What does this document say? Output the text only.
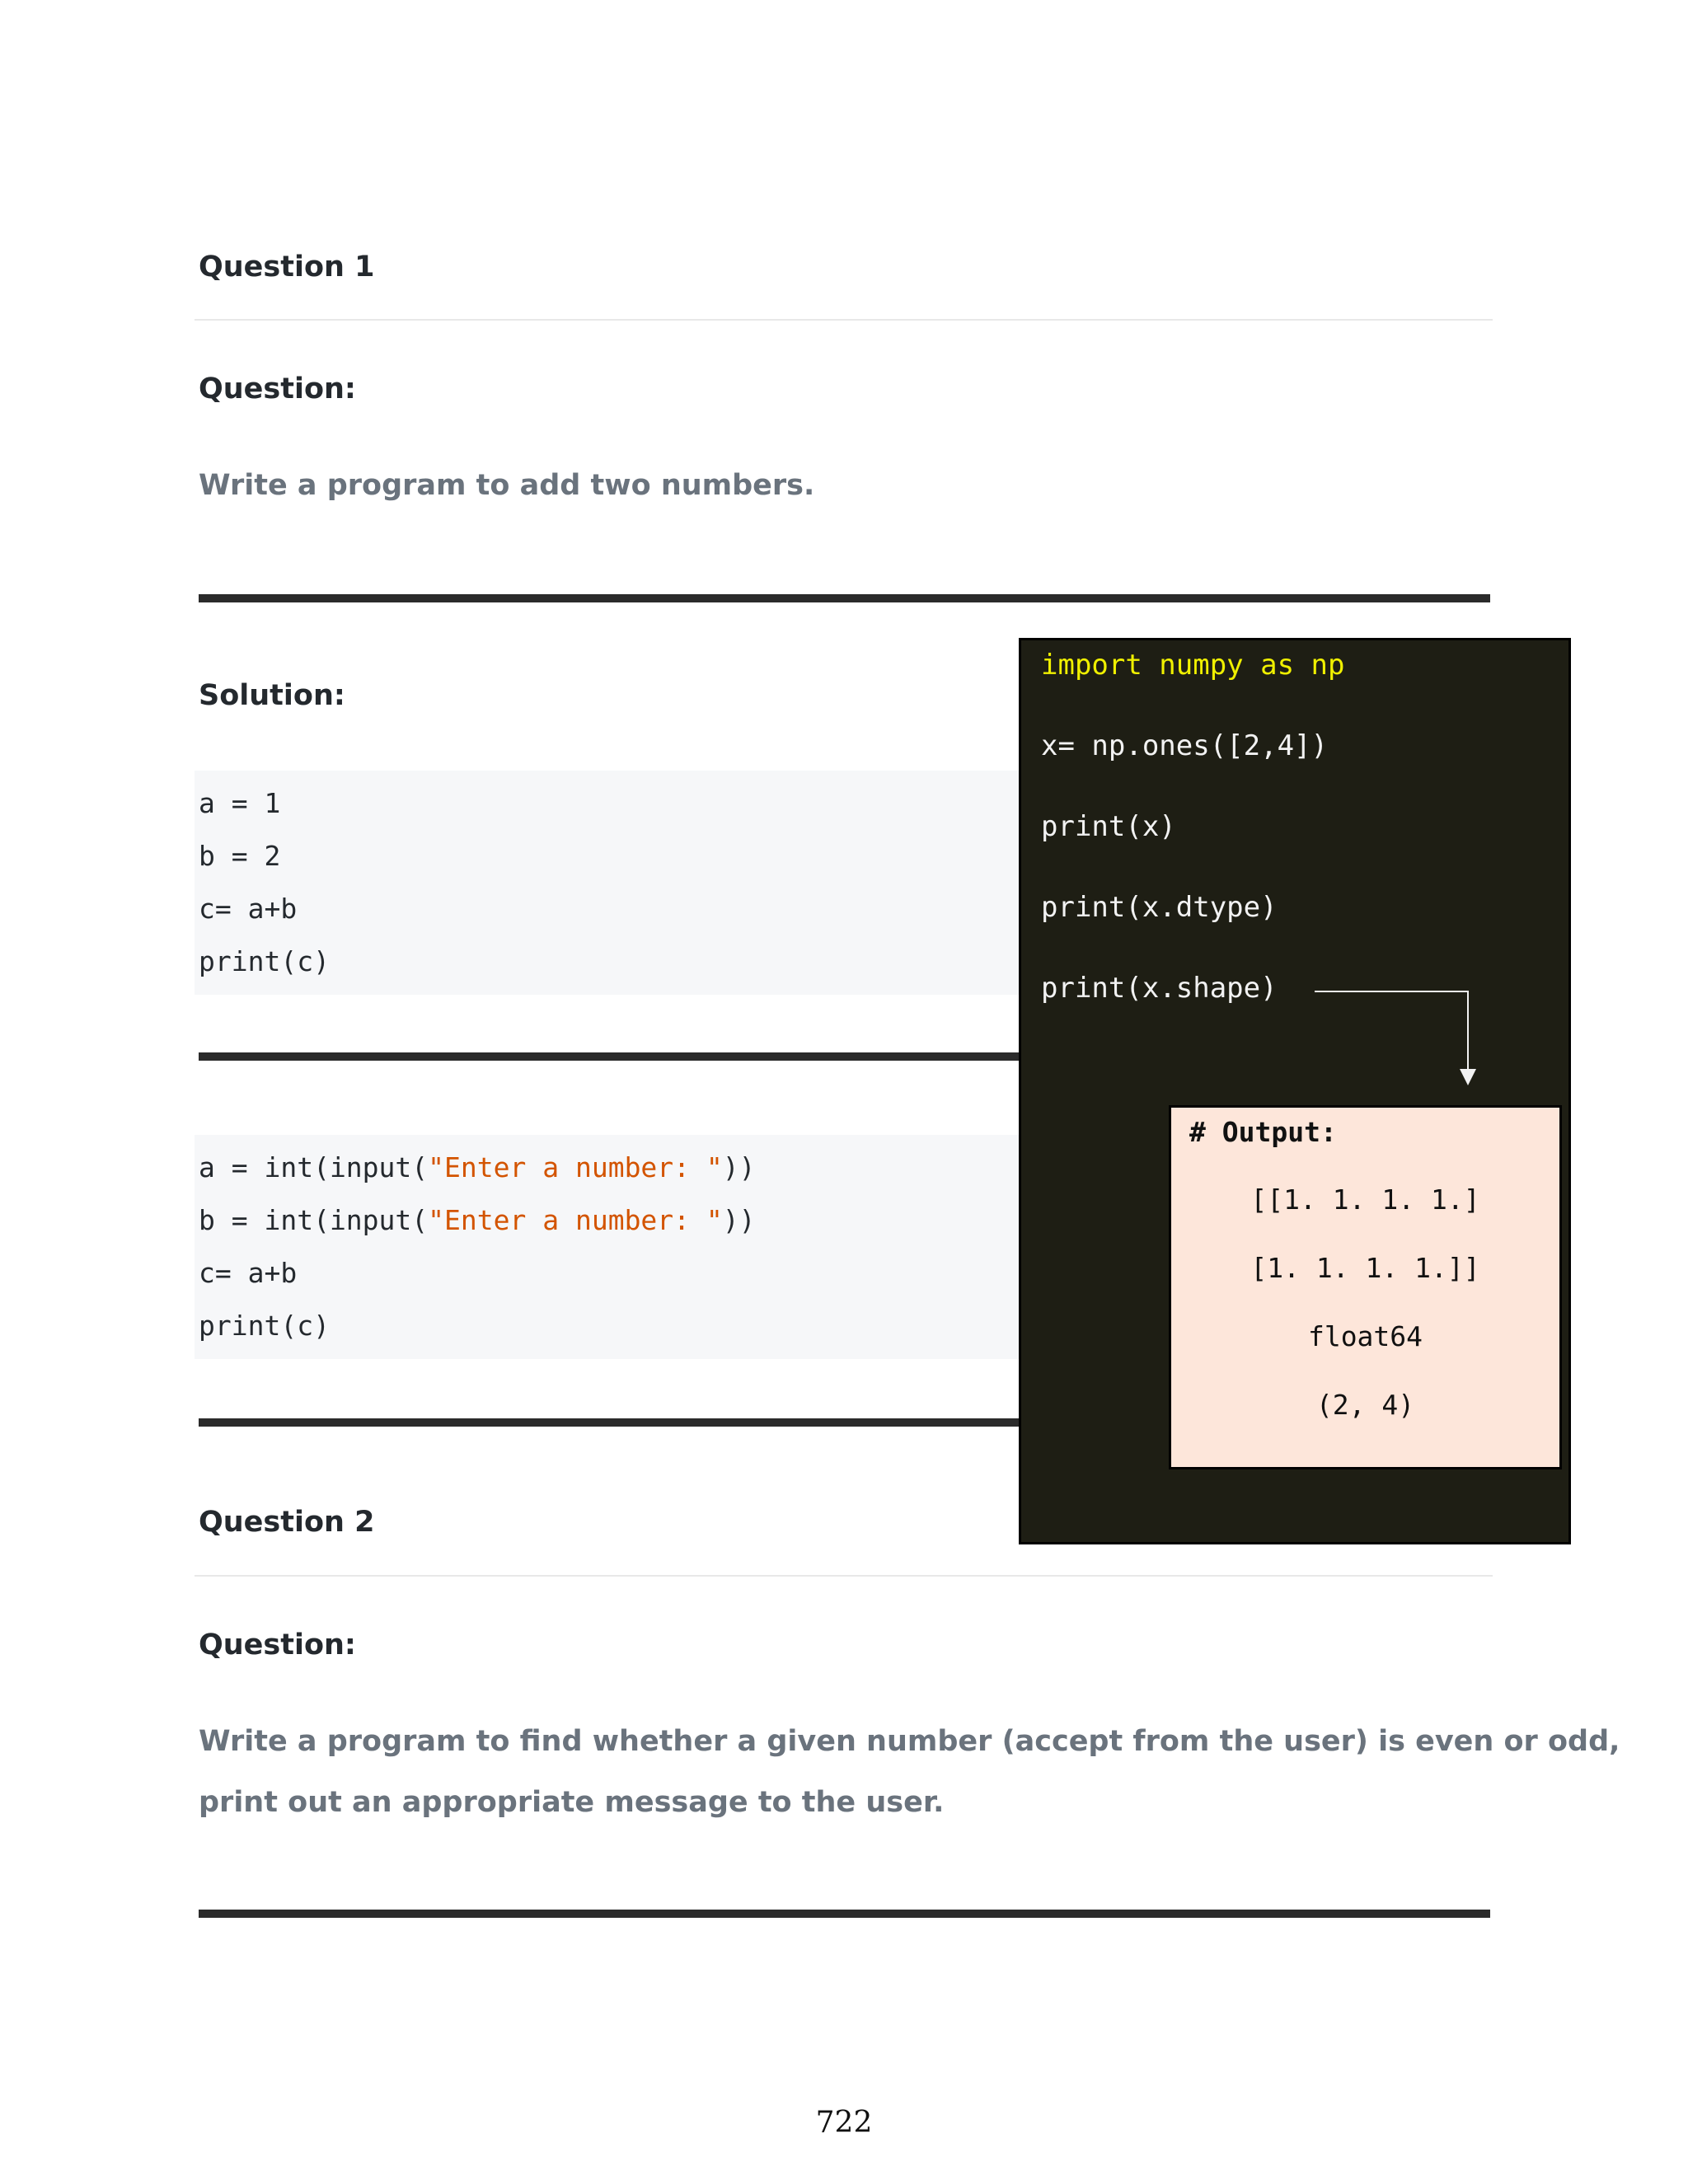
Question 1
Question:
Write a program to add two numbers.
Solution:
a = 1
b = 2
c= a+b
print(c)
a = int(input("Enter a number: "))
b = int(input("Enter a number: "))
c= a+b
print(c)
Question 2
Question:
Write a program to find whether a given number (accept from the user) is even or odd,
print out an appropriate message to the user.
import numpy as np
x= np.ones([2,4])
print(x)
print(x.dtype)
print(x.shape)
# Output:
[[1. 1. 1. 1.]
[1. 1. 1. 1.]]
float64
(2, 4)
722
